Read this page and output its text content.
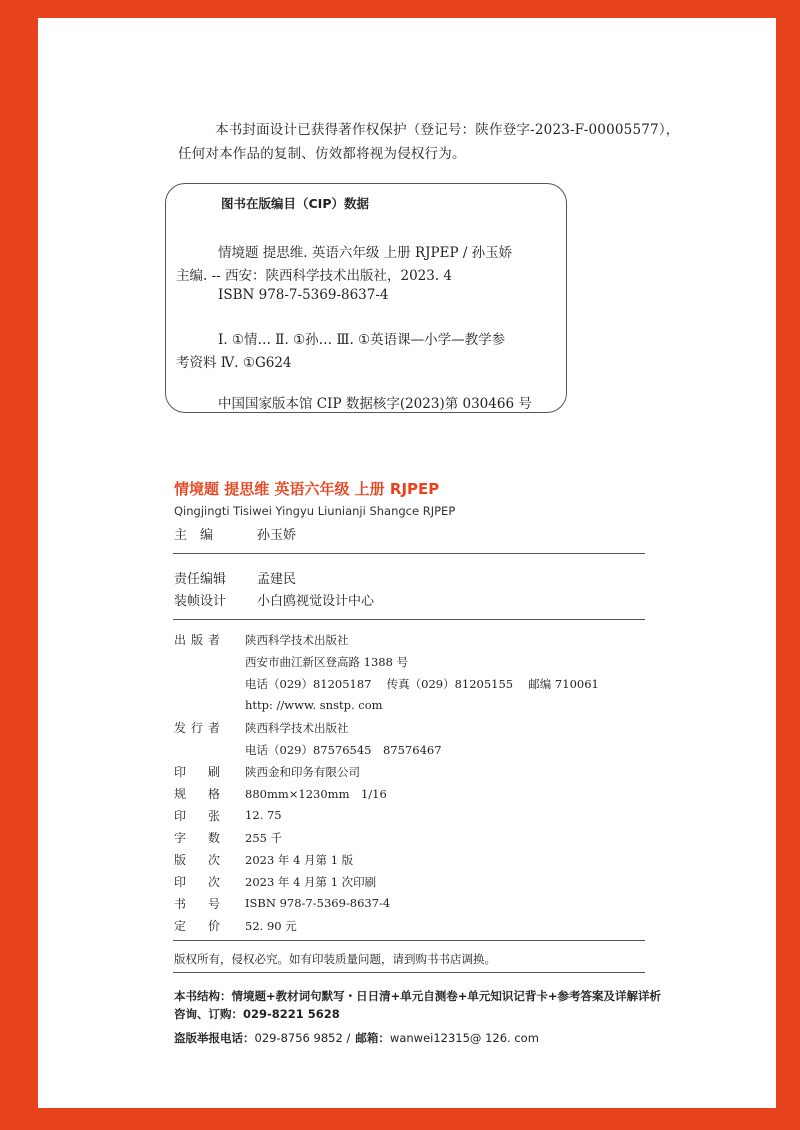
本书封面设计已获得著作权保护（登记号：陕作登字-2023-F-00005577），
任何对本作品的复制、仿效都将视为侵权行为。
图书在版编目（CIP）数据
情境题 提思维. 英语六年级 上册 RJPEP / 孙玉娇
主编. -- 西安：陕西科学技术出版社，2023. 4
ISBN 978-7-5369-8637-4
Ⅰ. ①情… Ⅱ. ①孙… Ⅲ. ①英语课—小学—教学参
考资料 Ⅳ. ①G624
中国国家版本馆 CIP 数据核字(2023)第 030466 号
情境题 提思维 英语六年级 上册 RJPEP
Qingjingti Tisiwei Yingyu Liunianji Shangce RJPEP
主　编	孙玉娇
责任编辑 孟建民
装帧设计 小白鸥视觉设计中心
出版者 陕西科学技术出版社
西安市曲江新区登高路 1388 号
电话（029）81205187　 传真（029）81205155　 邮编 710061
http: //www. snstp. com
发行者 陕西科学技术出版社
电话（029）87576545　87576467
印　刷 陕西金和印务有限公司
规　格 880mm×1230mm　1/16
印　张 12. 75
字　数 255 千
版　次 2023 年 4 月第 1 版
印　次 2023 年 4 月第 1 次印刷
书　号 ISBN 978-7-5369-8637-4
定　价 52. 90 元
版权所有，侵权必究。如有印装质量问题，请到购书书店调换。
本书结构：情境题+教材词句默写・日日清+单元自测卷+单元知识记背卡+参考答案及详解详析
咨询、订购：029-8221 5628
盗版举报电话：029-8756 9852 / 邮箱：wanwei12315@ 126. com
